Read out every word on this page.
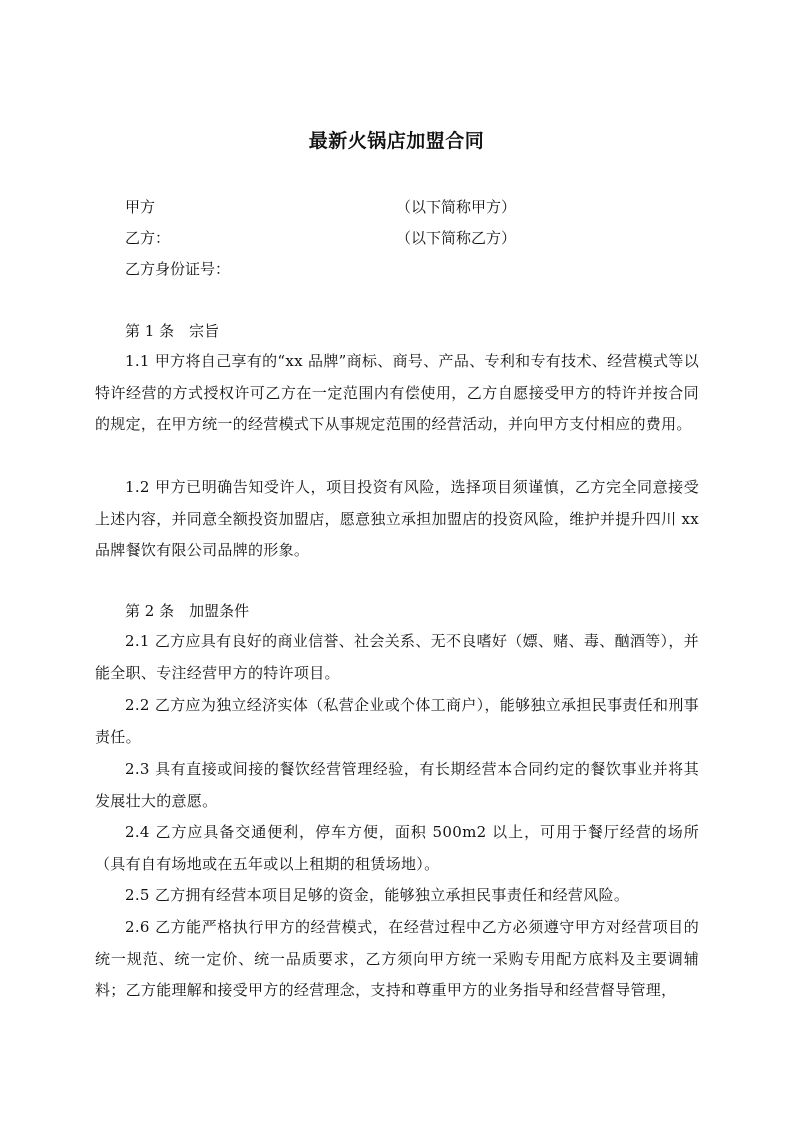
最新火锅店加盟合同
甲方	（以下简称甲方）
乙方：	（以下简称乙方）
乙方身份证号：
第 1 条　宗旨
1.1 甲方将自己享有的“xx 品牌”商标、商号、产品、专利和专有技术、经营模式等以特许经营的方式授权许可乙方在一定范围内有偿使用，乙方自愿接受甲方的特许并按合同的规定，在甲方统一的经营模式下从事规定范围的经营活动，并向甲方支付相应的费用。
1.2 甲方已明确告知受许人，项目投资有风险，选择项目须谨慎，乙方完全同意接受上述内容，并同意全额投资加盟店，愿意独立承担加盟店的投资风险，维护并提升四川 xx 品牌餐饮有限公司品牌的形象。
第 2 条　加盟条件
2.1 乙方应具有良好的商业信誉、社会关系、无不良嗜好（嫖、赌、毒、酗酒等），并能全职、专注经营甲方的特许项目。
2.2 乙方应为独立经济实体（私营企业或个体工商户），能够独立承担民事责任和刑事责任。
2.3 具有直接或间接的餐饮经营管理经验，有长期经营本合同约定的餐饮事业并将其发展壮大的意愿。
2.4 乙方应具备交通便利，停车方便，面积 500m2 以上，可用于餐厅经营的场所（具有自有场地或在五年或以上租期的租赁场地）。
2.5 乙方拥有经营本项目足够的资金，能够独立承担民事责任和经营风险。
2.6 乙方能严格执行甲方的经营模式，在经营过程中乙方必须遵守甲方对经营项目的统一规范、统一定价、统一品质要求，乙方须向甲方统一采购专用配方底料及主要调辅料；乙方能理解和接受甲方的经营理念，支持和尊重甲方的业务指导和经营督导管理，
